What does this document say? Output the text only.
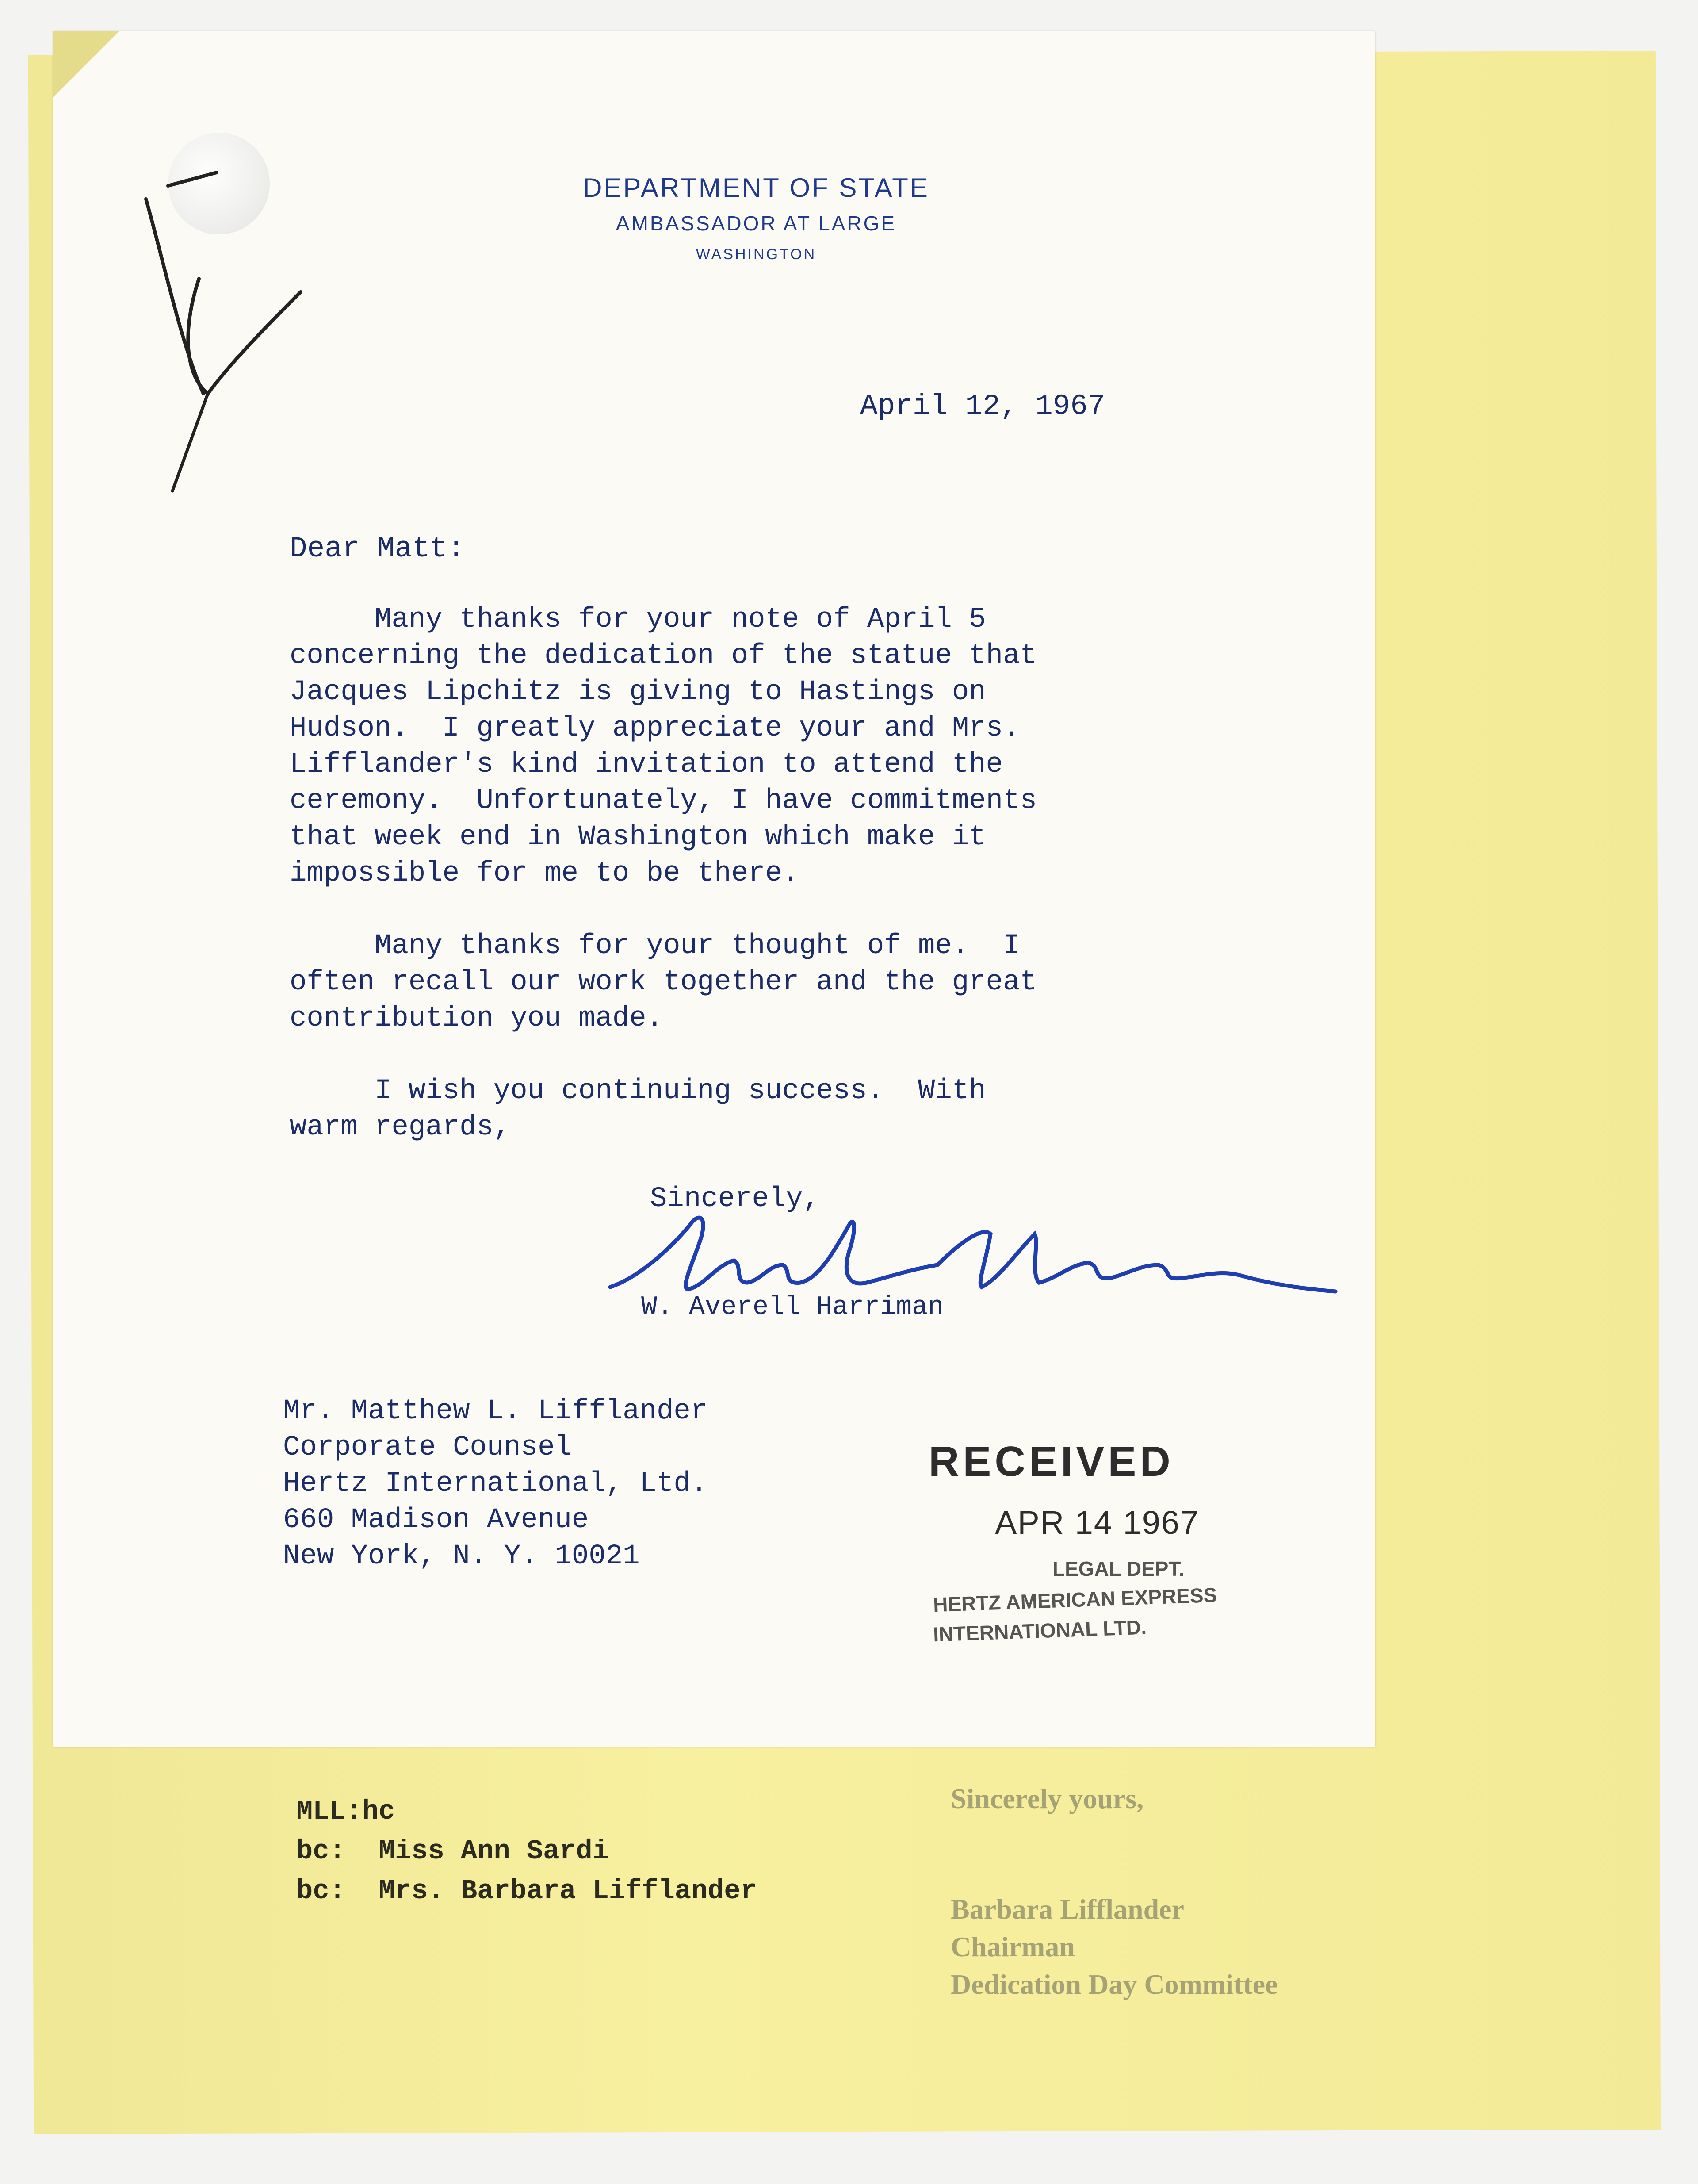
DEPARTMENT OF STATE
AMBASSADOR AT LARGE
WASHINGTON
April 12, 1967
Dear Matt:
Many thanks for your note of April 5
concerning the dedication of the statue that
Jacques Lipchitz is giving to Hastings on
Hudson.  I greatly appreciate your and Mrs.
Lifflander's kind invitation to attend the
ceremony.  Unfortunately, I have commitments
that week end in Washington which make it
impossible for me to be there.
Many thanks for your thought of me.  I
often recall our work together and the great
contribution you made.
I wish you continuing success.  With
warm regards,
Sincerely,
W. Averell Harriman
Mr. Matthew L. Lifflander
Corporate Counsel
Hertz International, Ltd.
660 Madison Avenue
New York, N. Y. 10021
RECEIVED
APR 14 1967
LEGAL DEPT.
HERTZ AMERICAN EXPRESS
INTERNATIONAL LTD.
MLL:hc
bc:  Miss Ann Sardi
bc:  Mrs. Barbara Lifflander
Sincerely yours,
Barbara Lifflander
Chairman
Dedication Day Committee
